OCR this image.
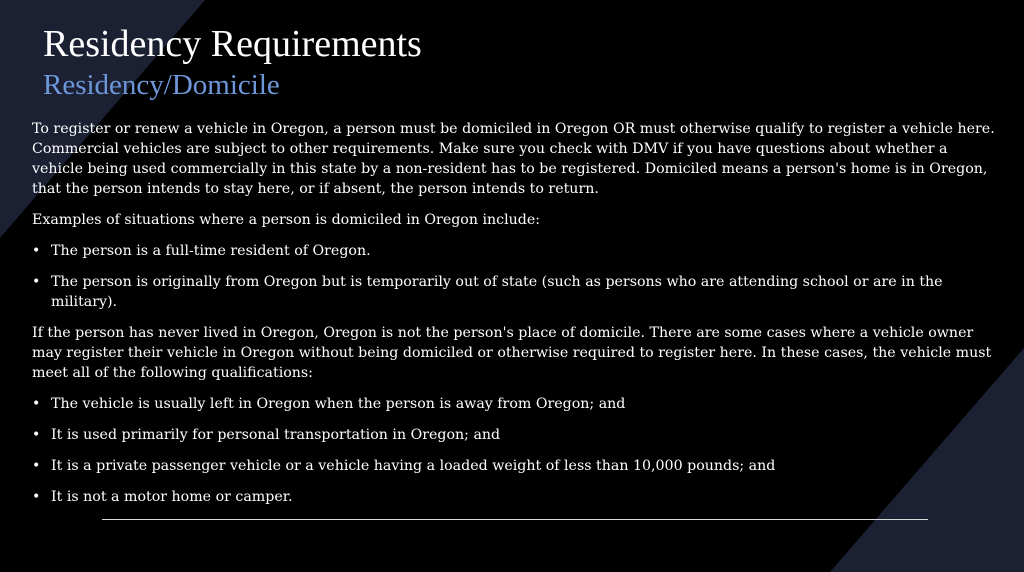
Residency Requirements
Residency/Domicile

To register or renew a vehicle in Oregon, a person must be domiciled in Oregon OR must otherwise qualify to register a vehicle here. Commercial vehicles are subject to other requirements. Make sure you check with DMV if you have questions about whether a vehicle being used commercially in this state by a non-resident has to be registered. Domiciled means a person's home is in Oregon, that the person intends to stay here, or if absent, the person intends to return.

Examples of situations where a person is domiciled in Oregon include:

• The person is a full-time resident of Oregon.
• The person is originally from Oregon but is temporarily out of state (such as persons who are attending school or are in the military).

If the person has never lived in Oregon, Oregon is not the person's place of domicile. There are some cases where a vehicle owner may register their vehicle in Oregon without being domiciled or otherwise required to register here. In these cases, the vehicle must meet all of the following qualifications:

• The vehicle is usually left in Oregon when the person is away from Oregon; and
• It is used primarily for personal transportation in Oregon; and
• It is a private passenger vehicle or a vehicle having a loaded weight of less than 10,000 pounds; and
• It is not a motor home or camper.
